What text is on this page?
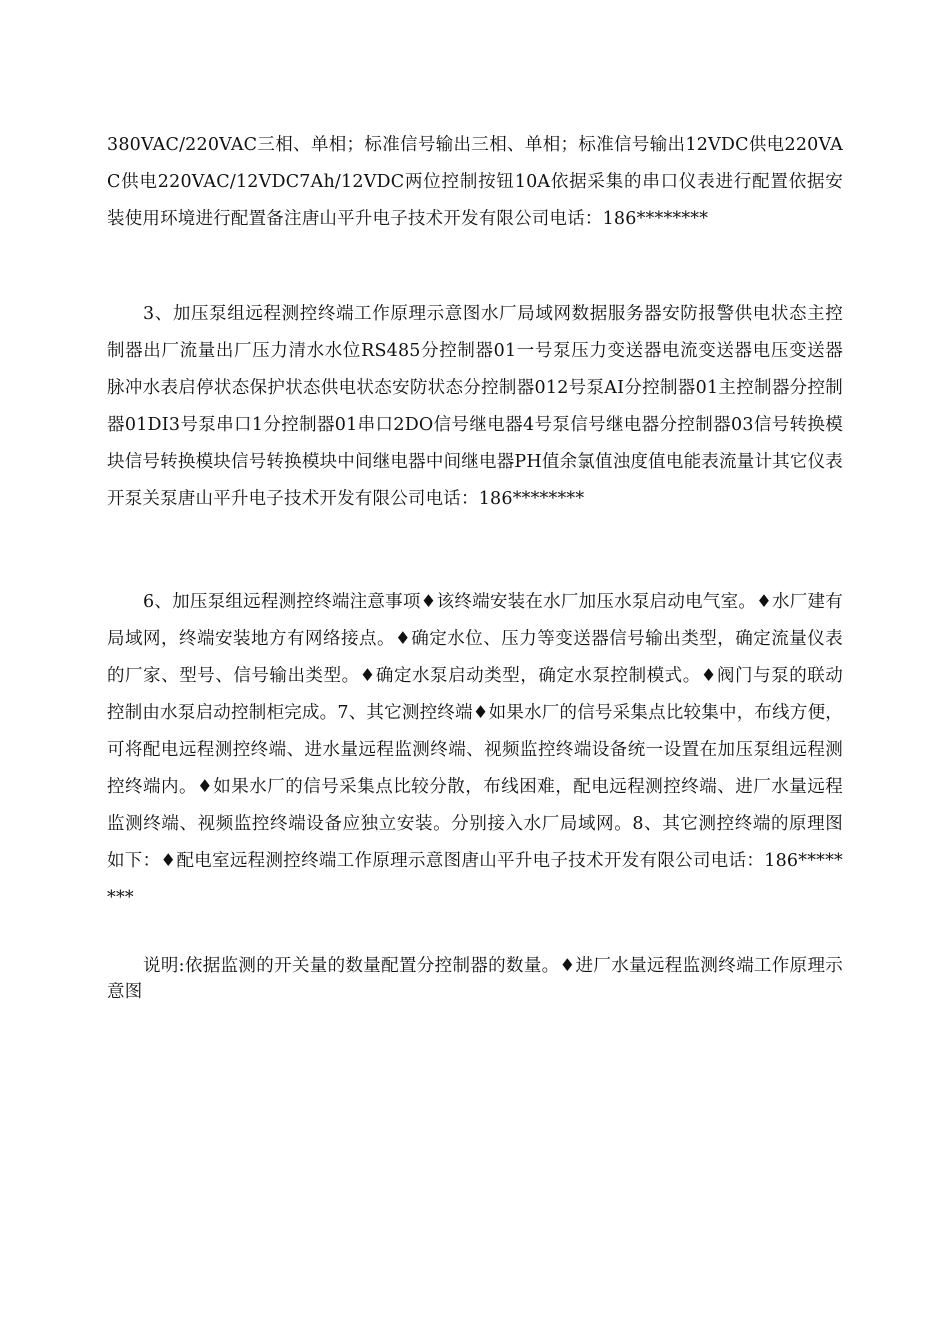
380VAC/220VAC三相、单相；标准信号输出三相、单相；标准信号输出12VDC供电220VAC供电220VAC/12VDC7Ah/12VDC两位控制按钮10A依据采集的串口仪表进行配置依据安装使用环境进行配置备注唐山平升电子技术开发有限公司电话：186********

3、加压泵组远程测控终端工作原理示意图水厂局域网数据服务器安防报警供电状态主控制器出厂流量出厂压力清水水位RS485分控制器01一号泵压力变送器电流变送器电压变送器脉冲水表启停状态保护状态供电状态安防状态分控制器012号泵AI分控制器01主控制器分控制器01DI3号泵串口1分控制器01串口2DO信号继电器4号泵信号继电器分控制器03信号转换模块信号转换模块信号转换模块中间继电器中间继电器PH值余氯值浊度值电能表流量计其它仪表开泵关泵唐山平升电子技术开发有限公司电话：186********

6、加压泵组远程测控终端注意事项♦该终端安装在水厂加压水泵启动电气室。♦水厂建有局域网，终端安装地方有网络接点。♦确定水位、压力等变送器信号输出类型，确定流量仪表的厂家、型号、信号输出类型。♦确定水泵启动类型，确定水泵控制模式。♦阀门与泵的联动控制由水泵启动控制柜完成。7、其它测控终端♦如果水厂的信号采集点比较集中，布线方便，可将配电远程测控终端、进水量远程监测终端、视频监控终端设备统一设置在加压泵组远程测控终端内。♦如果水厂的信号采集点比较分散，布线困难，配电远程测控终端、进厂水量远程监测终端、视频监控终端设备应独立安装。分别接入水厂局域网。8、其它测控终端的原理图如下：♦配电室远程测控终端工作原理示意图唐山平升电子技术开发有限公司电话：186********

说明:依据监测的开关量的数量配置分控制器的数量。♦进厂水量远程监测终端工作原理示意图
